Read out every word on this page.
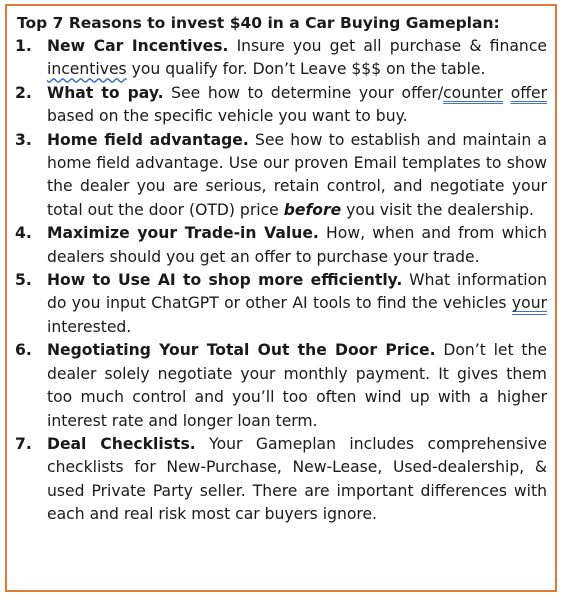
Top 7 Reasons to invest $40 in a Car Buying Gameplan:
1. New Car Incentives. Insure you get all purchase & finance incentives you qualify for. Don’t Leave $$$ on the table.
2. What to pay. See how to determine your offer/counter offer based on the specific vehicle you want to buy.
3. Home field advantage. See how to establish and maintain a home field advantage. Use our proven Email templates to show the dealer you are serious, retain control, and negotiate your total out the door (OTD) price before you visit the dealership.
4. Maximize your Trade-in Value. How, when and from which dealers should you get an offer to purchase your trade.
5. How to Use AI to shop more efficiently. What information do you input ChatGPT or other AI tools to find the vehicles your interested.
6. Negotiating Your Total Out the Door Price. Don’t let the dealer solely negotiate your monthly payment. It gives them too much control and you’ll too often wind up with a higher interest rate and longer loan term.
7. Deal Checklists. Your Gameplan includes comprehensive checklists for New-Purchase, New-Lease, Used-dealership, & used Private Party seller. There are important differences with each and real risk most car buyers ignore.
